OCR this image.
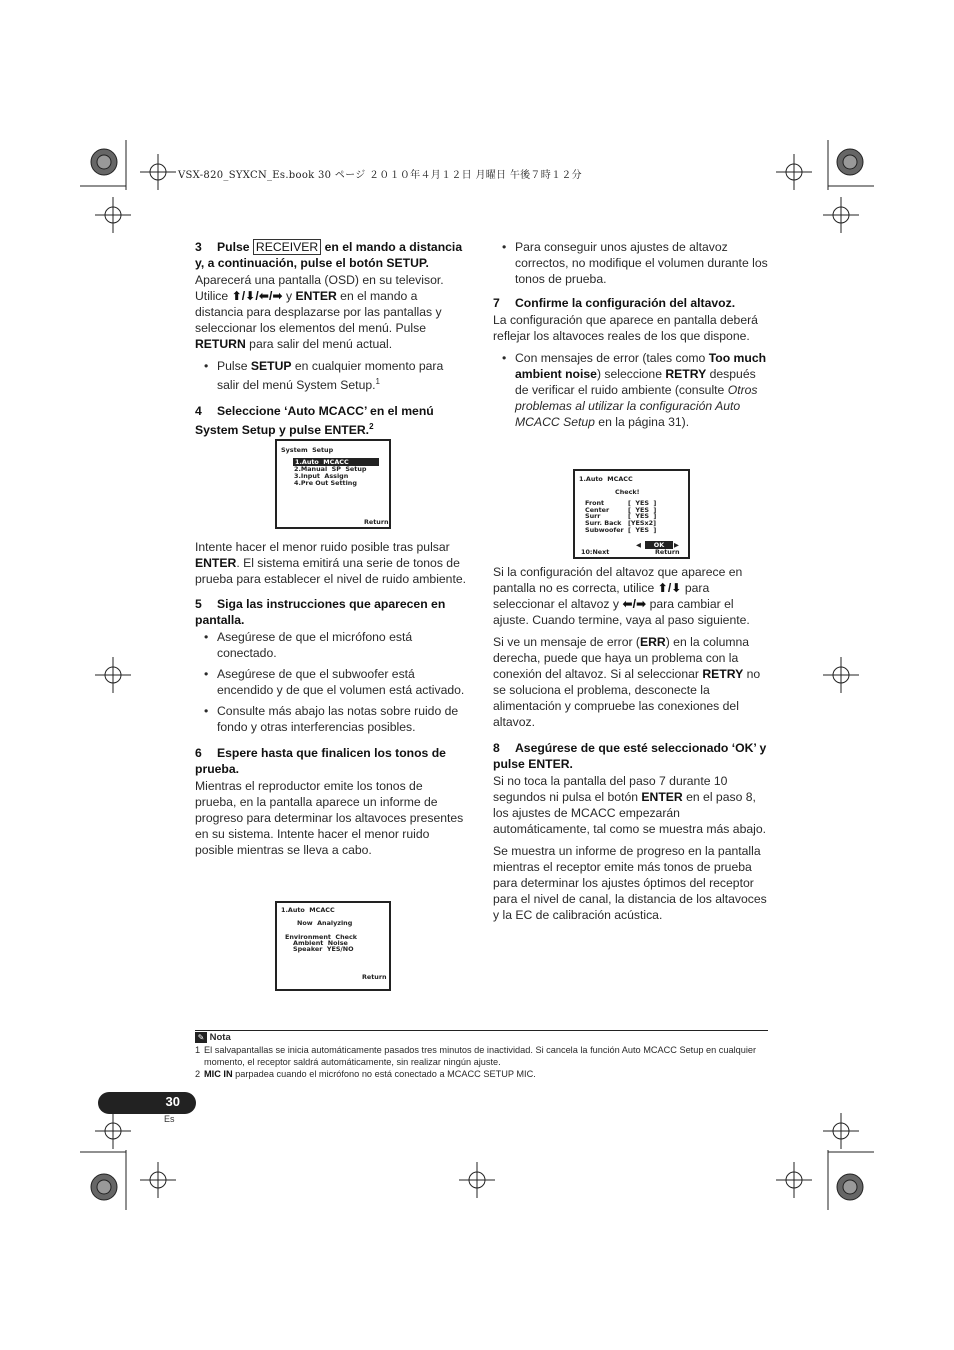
VSX-820_SYXCN_Es.book 30 ページ ２０１０年４月１２日 月曜日 午後７時１２分

3 Pulse RECEIVER en el mando a distancia y, a continuación, pulse el botón SETUP.

Aparecerá una pantalla (OSD) en su televisor. Utilice ⬆/⬇/⬅/➡ y ENTER en el mando a distancia para desplazarse por las pantallas y seleccionar los elementos del menú. Pulse RETURN para salir del menú actual.

• Pulse SETUP en cualquier momento para salir del menú System Setup.$^1$

4 Seleccione ‘Auto MCACC’ en el menú System Setup y pulse ENTER.$^2$

System  Setup
1.Auto  MCACC
2.Manual  SP  Setup
3.Input  Assign
4.Pre Out Setting
Return

Intente hacer el menor ruido posible tras pulsar ENTER. El sistema emitirá una serie de tonos de prueba para establecer el nivel de ruido ambiente.

5 Siga las instrucciones que aparecen en pantalla.

• Asegúrese de que el micrófono está conectado.
• Asegúrese de que el subwoofer está encendido y de que el volumen está activado.
• Consulte más abajo las notas sobre ruido de fondo y otras interferencias posibles.

6 Espere hasta que finalicen los tonos de prueba.

Mientras el reproductor emite los tonos de prueba, en la pantalla aparece un informe de progreso para determinar los altavoces presentes en su sistema. Intente hacer el menor ruido posible mientras se lleva a cabo.

1.Auto  MCACC
Now  Analyzing
Environment  Check
Ambient  Noise
Speaker  YES/NO
Return
• Para conseguir unos ajustes de altavoz correctos, no modifique el volumen durante los tonos de prueba.

7 Confirme la configuración del altavoz.

La configuración que aparece en pantalla deberá reflejar los altavoces reales de los que dispone.

• Con mensajes de error (tales como Too much ambient noise) seleccione RETRY después de verificar el ruido ambiente (consulte Otros problemas al utilizar la configuración Auto MCACC Setup en la página 31).
1.Auto  MCACC
Check!
Front	[  YES  ]
Center	[  YES  ]
Surr	[  YES  ]
Surr. Back [YESx2]
Subwoofer [  YES  ]
◀	OK	▶
10:Next	Return

Si la configuración del altavoz que aparece en pantalla no es correcta, utilice ⬆/⬇ para seleccionar el altavoz y ⬅/➡ para cambiar el ajuste. Cuando termine, vaya al paso siguiente.

Si ve un mensaje de error (ERR) en la columna derecha, puede que haya un problema con la conexión del altavoz. Si al seleccionar RETRY no se soluciona el problema, desconecte la alimentación y compruebe las conexiones del altavoz.

8 Asegúrese de que esté seleccionado ‘OK’ y pulse ENTER.

Si no toca la pantalla del paso 7 durante 10 segundos ni pulsa el botón ENTER en el paso 8, los ajustes de MCACC empezarán automáticamente, tal como se muestra más abajo.

Se muestra un informe de progreso en la pantalla mientras el receptor emite más tonos de prueba para determinar los ajustes óptimos del receptor para el nivel de canal, la distancia de los altavoces y la EC de calibración acústica.

✎ Nota
1 El salvapantallas se inicia automáticamente pasados tres minutos de inactividad. Si cancela la función Auto MCACC Setup en cualquier momento, el receptor saldrá automáticamente, sin realizar ningún ajuste.
2 MIC IN parpadea cuando el micrófono no está conectado a MCACC SETUP MIC.
30
Es
